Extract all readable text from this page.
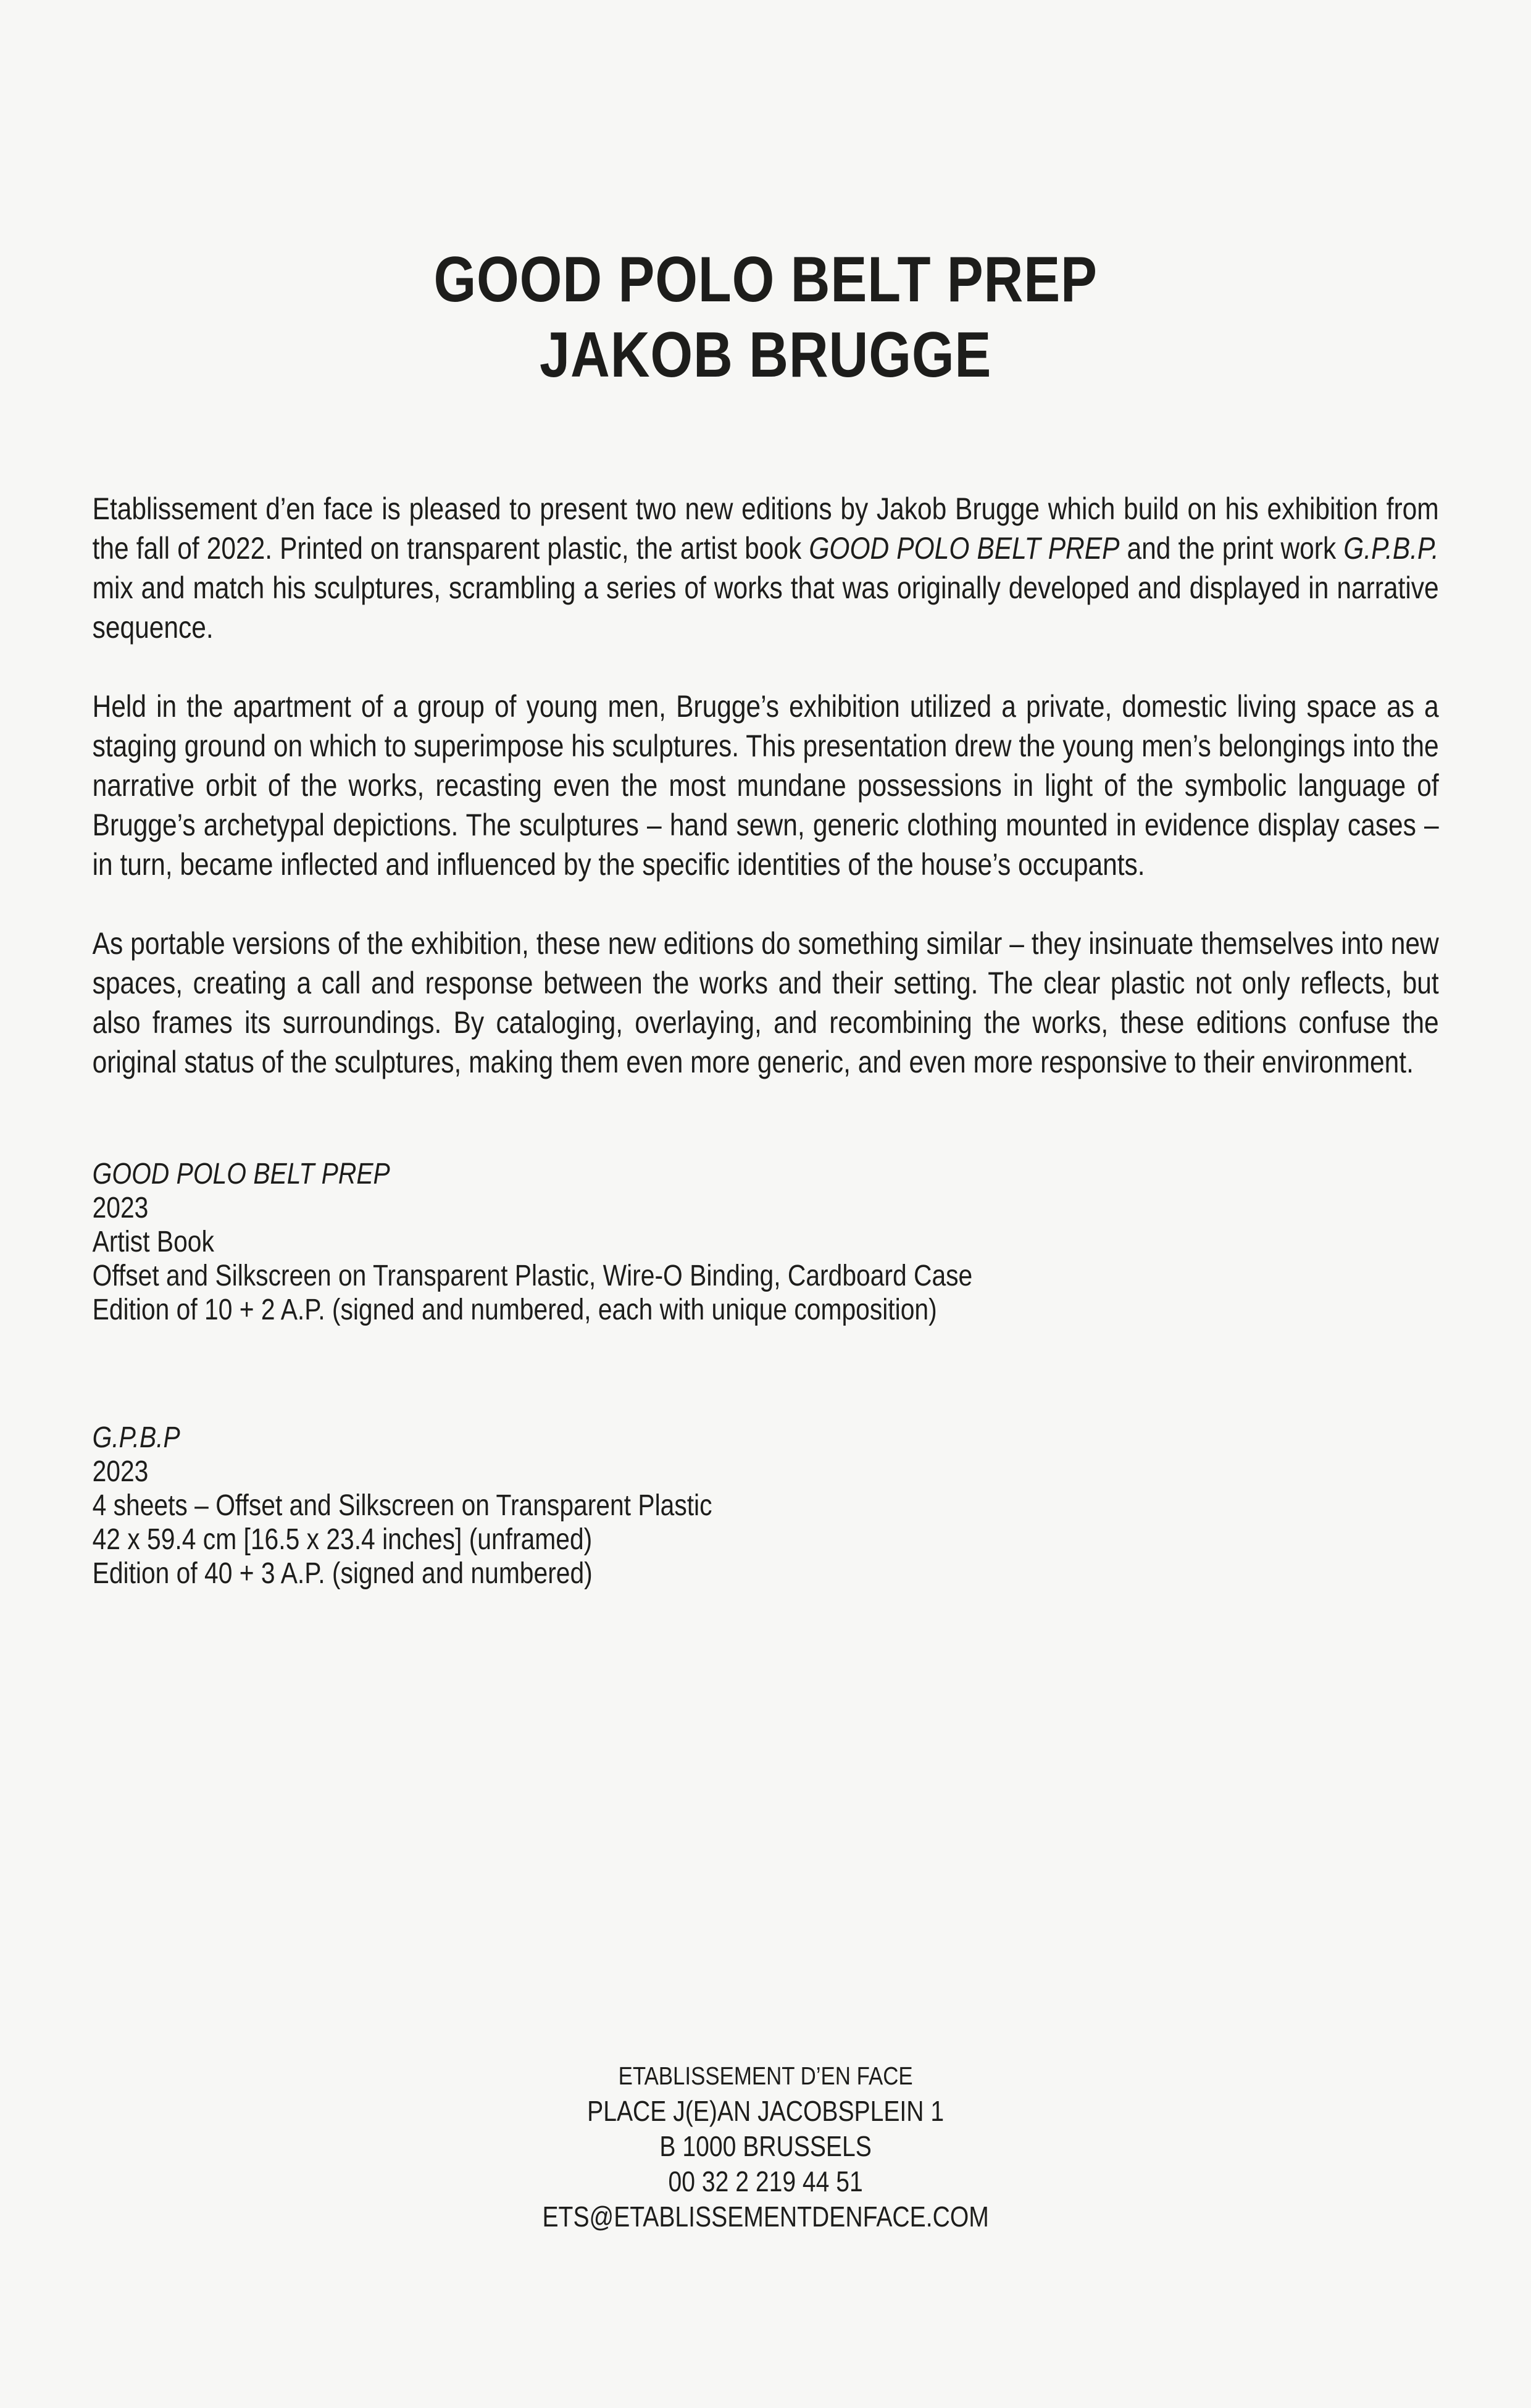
GOOD POLO BELT PREP
JAKOB BRUGGE

Etablissement d’en face is pleased to present two new editions by Jakob Brugge which build on his exhibition from the fall of 2022. Printed on transparent plastic, the artist book GOOD POLO BELT PREP and the print work G.P.B.P. mix and match his sculptures, scrambling a series of works that was originally developed and displayed in narrative sequence.

Held in the apartment of a group of young men, Brugge’s exhibition utilized a private, domestic living space as a staging ground on which to superimpose his sculptures. This presentation drew the young men’s belongings into the narrative orbit of the works, recasting even the most mundane possessions in light of the symbolic language of Brugge’s archetypal depictions. The sculptures – hand sewn, generic clothing mounted in evidence display cases – in turn, became inflected and influenced by the specific identities of the house’s occupants.

As portable versions of the exhibition, these new editions do something similar – they insinuate themselves into new spaces, creating a call and response between the works and their setting. The clear plastic not only reflects, but also frames its surroundings. By cataloging, overlaying, and recombining the works, these editions confuse the original status of the sculptures, making them even more generic, and even more responsive to their environment.

GOOD POLO BELT PREP
2023
Artist Book
Offset and Silkscreen on Transparent Plastic, Wire-O Binding, Cardboard Case
Edition of 10 + 2 A.P. (signed and numbered, each with unique composition)
G.P.B.P
2023
4 sheets – Offset and Silkscreen on Transparent Plastic
42 x 59.4 cm [16.5 x 23.4 inches] (unframed)
Edition of 40 + 3 A.P. (signed and numbered)
ETABLISSEMENT D’EN FACE
PLACE J(E)AN JACOBSPLEIN 1
B 1000 BRUSSELS
00 32 2 219 44 51
ETS@ETABLISSEMENTDENFACE.COM
